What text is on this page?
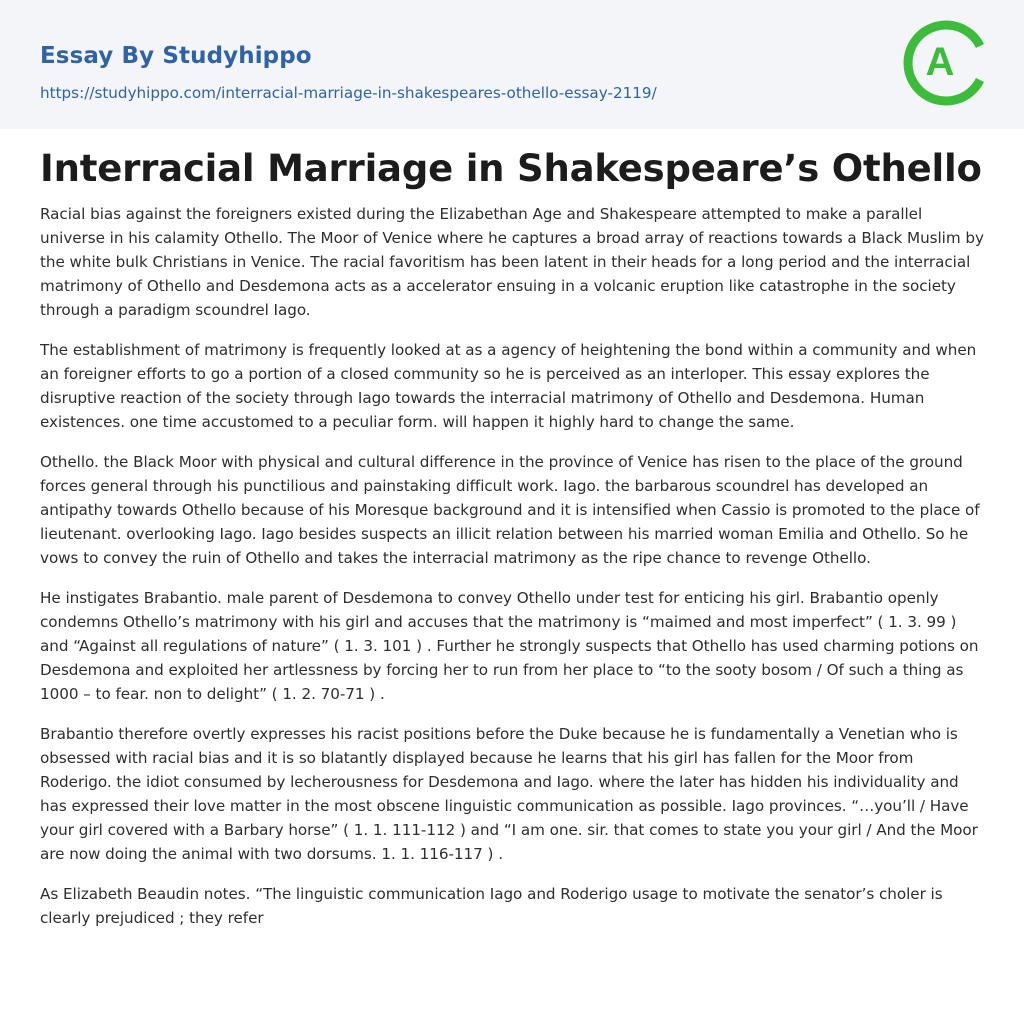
Essay By Studyhippo
https://studyhippo.com/interracial-marriage-in-shakespeares-othello-essay-2119/
A
Interracial Marriage in Shakespeare’s Othello

Racial bias against the foreigners existed during the Elizabethan Age and Shakespeare attempted to make a parallel universe in his calamity Othello. The Moor of Venice where he captures a broad array of reactions towards a Black Muslim by the white bulk Christians in Venice. The racial favoritism has been latent in their heads for a long period and the interracial matrimony of Othello and Desdemona acts as a accelerator ensuing in a volcanic eruption like catastrophe in the society through a paradigm scoundrel Iago.

The establishment of matrimony is frequently looked at as a agency of heightening the bond within a community and when an foreigner efforts to go a portion of a closed community so he is perceived as an interloper. This essay explores the disruptive reaction of the society through Iago towards the interracial matrimony of Othello and Desdemona. Human existences. one time accustomed to a peculiar form. will happen it highly hard to change the same.

Othello. the Black Moor with physical and cultural difference in the province of Venice has risen to the place of the ground forces general through his punctilious and painstaking difficult work. Iago. the barbarous scoundrel has developed an antipathy towards Othello because of his Moresque background and it is intensified when Cassio is promoted to the place of lieutenant. overlooking Iago. Iago besides suspects an illicit relation between his married woman Emilia and Othello. So he vows to convey the ruin of Othello and takes the interracial matrimony as the ripe chance to revenge Othello.

He instigates Brabantio. male parent of Desdemona to convey Othello under test for enticing his girl. Brabantio openly condemns Othello’s matrimony with his girl and accuses that the matrimony is “maimed and most imperfect” ( 1. 3. 99 ) and “Against all regulations of nature” ( 1. 3. 101 ) . Further he strongly suspects that Othello has used charming potions on Desdemona and exploited her artlessness by forcing her to run from her place to “to the sooty bosom / Of such a thing as 1000 – to fear. non to delight” ( 1. 2. 70-71 ) .

Brabantio therefore overtly expresses his racist positions before the Duke because he is fundamentally a Venetian who is obsessed with racial bias and it is so blatantly displayed because he learns that his girl has fallen for the Moor from Roderigo. the idiot consumed by lecherousness for Desdemona and Iago. where the later has hidden his individuality and has expressed their love matter in the most obscene linguistic communication as possible. Iago provinces. “…you’ll / Have your girl covered with a Barbary horse” ( 1. 1. 111-112 ) and “I am one. sir. that comes to state you your girl / And the Moor are now doing the animal with two dorsums. 1. 1. 116-117 ) .

As Elizabeth Beaudin notes. “The linguistic communication Iago and Roderigo usage to motivate the senator’s choler is clearly prejudiced ; they refer
